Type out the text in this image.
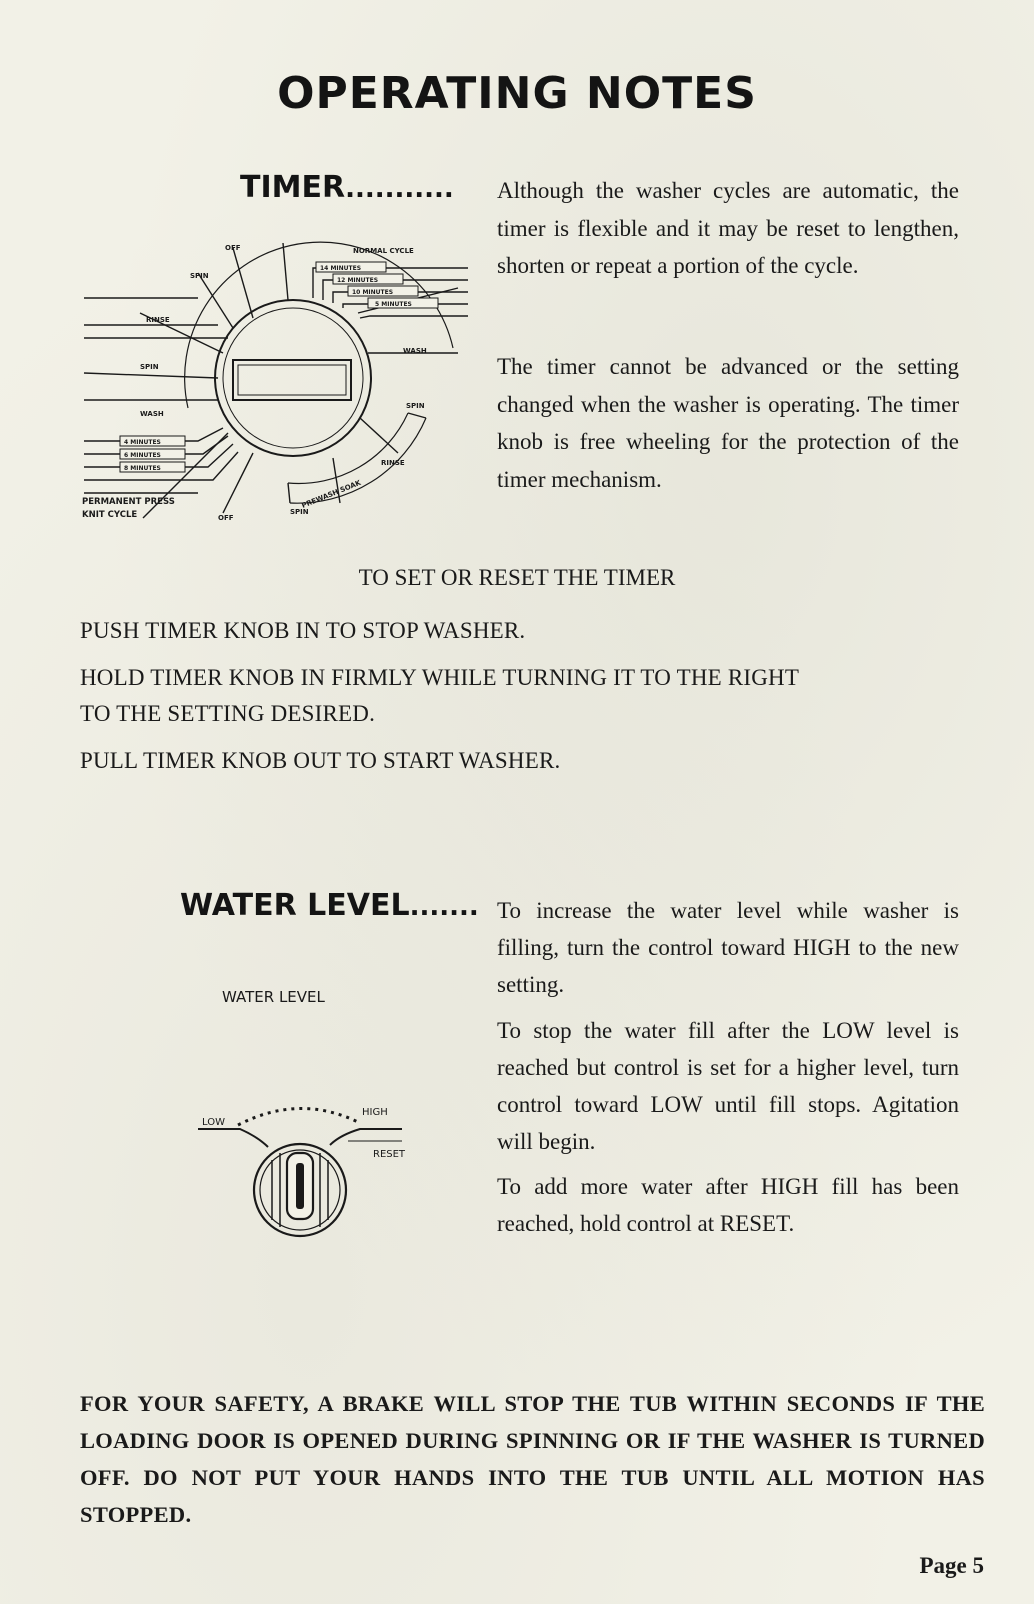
OPERATING NOTES
TIMER........... Although the washer cycles are automatic, the timer is flexible and it may be reset to lengthen, shorten or repeat a portion of the cycle.
The timer cannot be advanced or the setting changed when the washer is operating. The timer knob is free wheeling for the protection of the timer mechanism.
OFF	NORMAL CYCLE
14 MINUTES
12 MINUTES
10 MINUTES
5 MINUTES
SPIN
RINSE
SPIN
WASH
WASH
SPIN
RINSE
PREWASH SOAK
4 MINUTES
6 MINUTES
8 MINUTES
PERMANENT PRESS
KNIT CYCLE	OFF
SPIN
TO SET OR RESET THE TIMER
PUSH TIMER KNOB IN TO STOP WASHER.
HOLD TIMER KNOB IN FIRMLY WHILE TURNING IT TO THE RIGHT
TO THE SETTING DESIRED.
PULL TIMER KNOB OUT TO START WASHER.
WATER LEVEL....... To increase the water level while washer is filling, turn the control toward HIGH to the new setting.
To stop the water fill after the LOW level is reached but control is set for a higher level, turn control toward LOW until fill stops. Agitation will begin.
To add more water after HIGH fill has been reached, hold control at RESET.
WATER LEVEL
LOW
HIGH
RESET
FOR YOUR SAFETY, A BRAKE WILL STOP THE TUB WITHIN SECONDS IF THE LOADING DOOR IS OPENED DURING SPINNING OR IF THE WASHER IS TURNED OFF. DO NOT PUT YOUR HANDS INTO THE TUB UNTIL ALL MOTION HAS STOPPED.
Page 5
